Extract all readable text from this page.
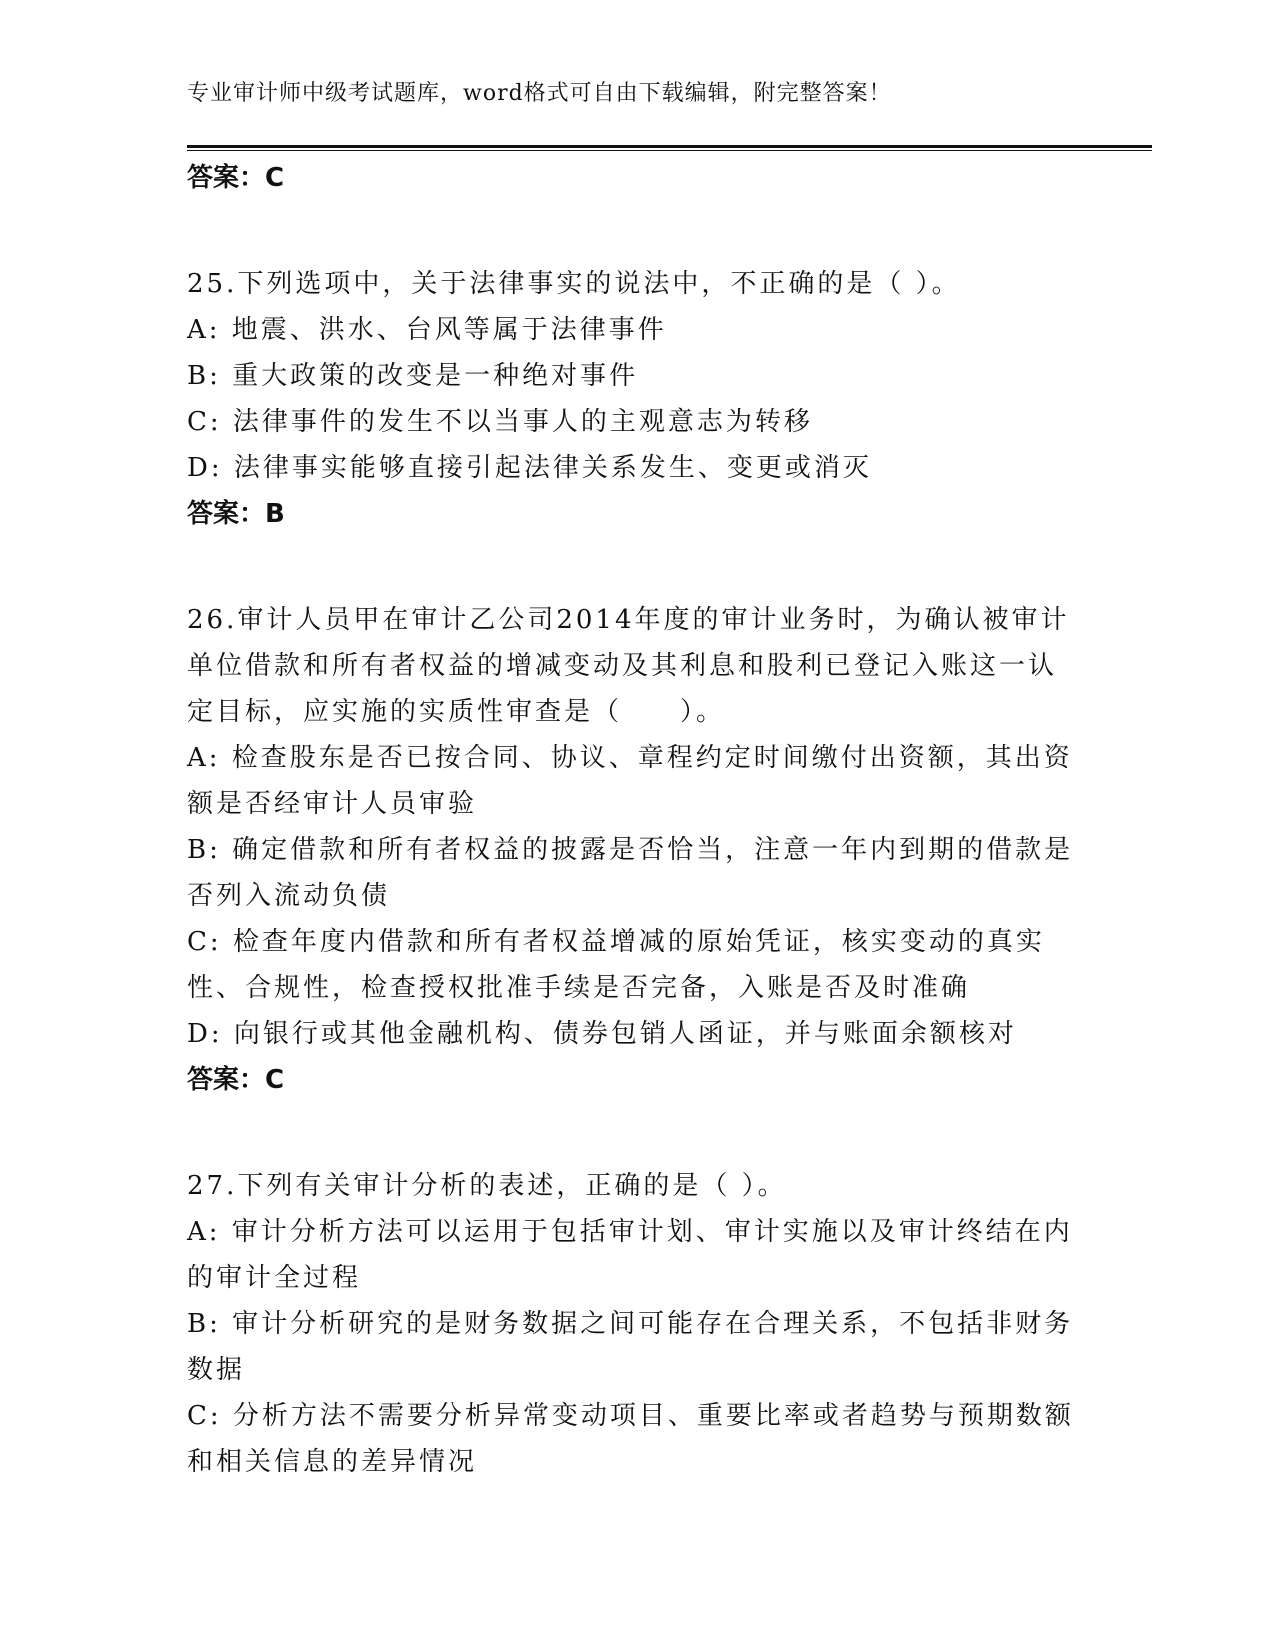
专业审计师中级考试题库，word格式可自由下载编辑，附完整答案！
答案：C
25.下列选项中，关于法律事实的说法中，不正确的是（ ）。
A: 地震、洪水、台风等属于法律事件
B: 重大政策的改变是一种绝对事件
C: 法律事件的发生不以当事人的主观意志为转移
D: 法律事实能够直接引起法律关系发生、变更或消灭
答案：B
26.审计人员甲在审计乙公司2014年度的审计业务时，为确认被审计单位借款和所有者权益的增减变动及其利息和股利已登记入账这一认定目标，应实施的实质性审查是（　　）。
A: 检查股东是否已按合同、协议、章程约定时间缴付出资额，其出资额是否经审计人员审验
B: 确定借款和所有者权益的披露是否恰当，注意一年内到期的借款是否列入流动负债
C: 检查年度内借款和所有者权益增减的原始凭证，核实变动的真实性、合规性，检查授权批准手续是否完备，入账是否及时准确
D: 向银行或其他金融机构、债券包销人函证，并与账面余额核对
答案：C
27.下列有关审计分析的表述，正确的是（ ）。
A: 审计分析方法可以运用于包括审计划、审计实施以及审计终结在内的审计全过程
B: 审计分析研究的是财务数据之间可能存在合理关系，不包括非财务数据
C: 分析方法不需要分析异常变动项目、重要比率或者趋势与预期数额和相关信息的差异情况
